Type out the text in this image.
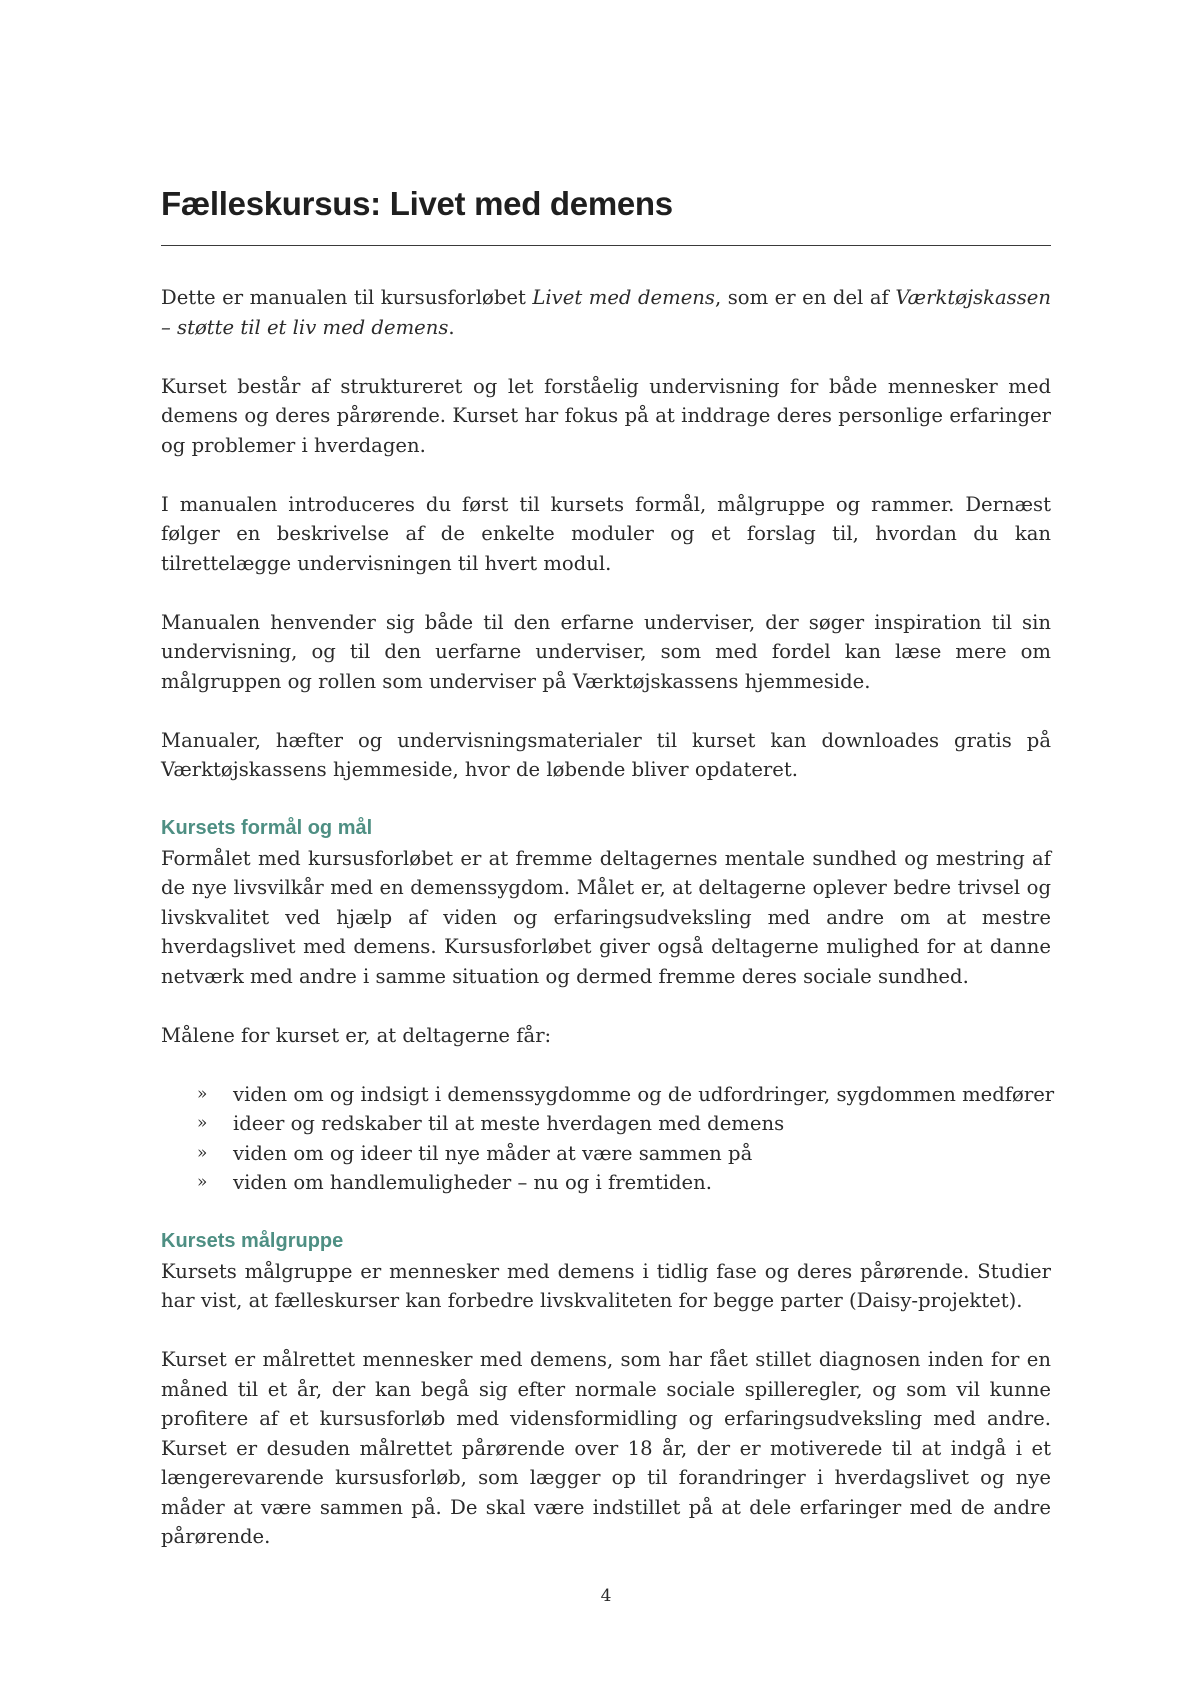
Fælleskursus: Livet med demens

Dette er manualen til kursusforløbet Livet med demens, som er en del af Værktøjskassen – støtte til et liv med demens.

Kurset består af struktureret og let forståelig undervisning for både mennesker med demens og deres pårørende. Kurset har fokus på at inddrage deres personlige erfaringer og problemer i hverdagen.

I manualen introduceres du først til kursets formål, målgruppe og rammer. Dernæst følger en beskrivelse af de enkelte moduler og et forslag til, hvordan du kan tilrettelægge undervisningen til hvert modul.

Manualen henvender sig både til den erfarne underviser, der søger inspiration til sin undervisning, og til den uerfarne underviser, som med fordel kan læse mere om målgruppen og rollen som underviser på Værktøjskassens hjemmeside.

Manualer, hæfter og undervisningsmaterialer til kurset kan downloades gratis på Værktøjskassens hjemmeside, hvor de løbende bliver opdateret.

Kursets formål og mål

Formålet med kursusforløbet er at fremme deltagernes mentale sundhed og mestring af de nye livsvilkår med en demenssygdom. Målet er, at deltagerne oplever bedre trivsel og livskvalitet ved hjælp af viden og erfaringsudveksling med andre om at mestre hverdagslivet med demens. Kursusforløbet giver også deltagerne mulighed for at danne netværk med andre i samme situation og dermed fremme deres sociale sundhed.

Målene for kurset er, at deltagerne får:

» viden om og indsigt i demenssygdomme og de udfordringer, sygdommen medfører
» ideer og redskaber til at meste hverdagen med demens
» viden om og ideer til nye måder at være sammen på
» viden om handlemuligheder – nu og i fremtiden.
Kursets målgruppe

Kursets målgruppe er mennesker med demens i tidlig fase og deres pårørende. Studier har vist, at fælleskurser kan forbedre livskvaliteten for begge parter (Daisy-projektet).

Kurset er målrettet mennesker med demens, som har fået stillet diagnosen inden for en måned til et år, der kan begå sig efter normale sociale spilleregler, og som vil kunne profitere af et kursusforløb med vidensformidling og erfaringsudveksling med andre. Kurset er desuden målrettet pårørende over 18 år, der er motiverede til at indgå i et længerevarende kursusforløb, som lægger op til forandringer i hverdagslivet og nye måder at være sammen på. De skal være indstillet på at dele erfaringer med de andre pårørende.

4
